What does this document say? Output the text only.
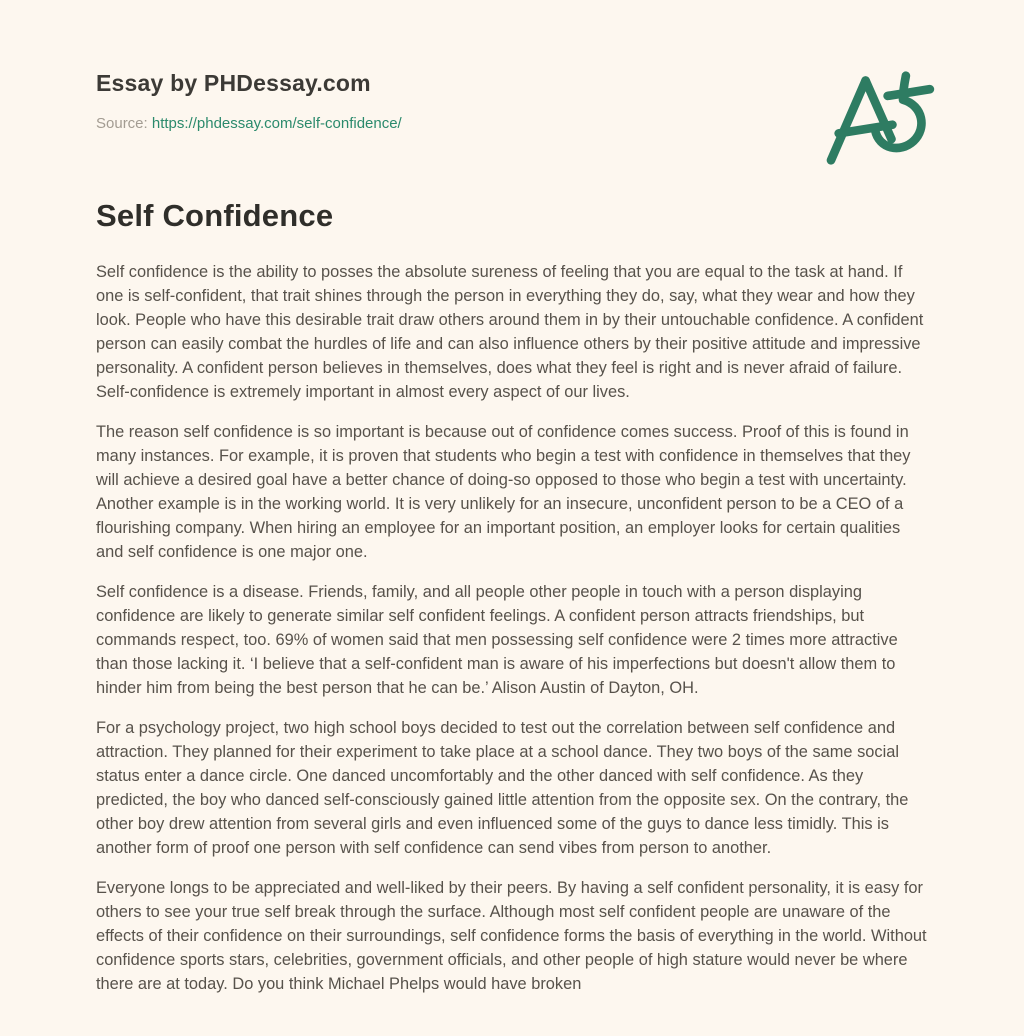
Essay by PHDessay.com
Source: https://phdessay.com/self-confidence/
Self Confidence

Self confidence is the ability to posses the absolute sureness of feeling that you are equal to the task at hand. If one is self-confident, that trait shines through the person in everything they do, say, what they wear and how they look. People who have this desirable trait draw others around them in by their untouchable confidence. A confident person can easily combat the hurdles of life and can also influence others by their positive attitude and impressive personality. A confident person believes in themselves, does what they feel is right and is never afraid of failure. Self-confidence is extremely important in almost every aspect of our lives.

The reason self confidence is so important is because out of confidence comes success. Proof of this is found in many instances. For example, it is proven that students who begin a test with confidence in themselves that they will achieve a desired goal have a better chance of doing-so opposed to those who begin a test with uncertainty. Another example is in the working world. It is very unlikely for an insecure, unconfident person to be a CEO of a flourishing company. When hiring an employee for an important position, an employer looks for certain qualities and self confidence is one major one.

Self confidence is a disease. Friends, family, and all people other people in touch with a person displaying confidence are likely to generate similar self confident feelings. A confident person attracts friendships, but commands respect, too. 69% of women said that men possessing self confidence were 2 times more attractive than those lacking it. ‘I believe that a self-confident man is aware of his imperfections but doesn't allow them to hinder him from being the best person that he can be.’ Alison Austin of Dayton, OH.

For a psychology project, two high school boys decided to test out the correlation between self confidence and attraction. They planned for their experiment to take place at a school dance. They two boys of the same social status enter a dance circle. One danced uncomfortably and the other danced with self confidence. As they predicted, the boy who danced self-consciously gained little attention from the opposite sex. On the contrary, the other boy drew attention from several girls and even influenced some of the guys to dance less timidly. This is another form of proof one person with self confidence can send vibes from person to another.

Everyone longs to be appreciated and well-liked by their peers. By having a self confident personality, it is easy for others to see your true self break through the surface. Although most self confident people are unaware of the effects of their confidence on their surroundings, self confidence forms the basis of everything in the world. Without confidence sports stars, celebrities, government officials, and other people of high stature would never be where there are at today. Do you think Michael Phelps would have broken
